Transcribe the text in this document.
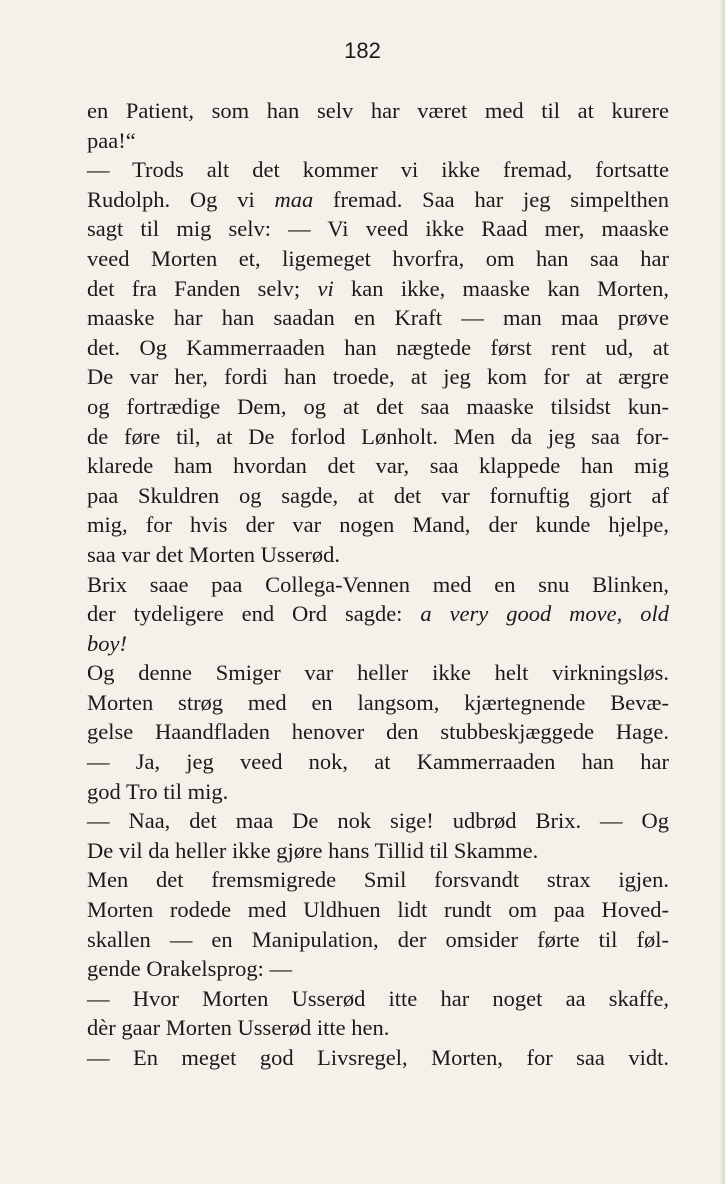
182
en Patient, som han selv har været med til at kurere
paa!“
— Trods alt det kommer vi ikke fremad, fortsatte
Rudolph. Og vi maa fremad. Saa har jeg simpelthen
sagt til mig selv: — Vi veed ikke Raad mer, maaske
veed Morten et, ligemeget hvorfra, om han saa har
det fra Fanden selv; vi kan ikke, maaske kan Morten,
maaske har han saadan en Kraft — man maa prøve
det. Og Kammerraaden han nægtede først rent ud, at
De var her, fordi han troede, at jeg kom for at ærgre
og fortrædige Dem, og at det saa maaske tilsidst kun-
de føre til, at De forlod Lønholt. Men da jeg saa for-
klarede ham hvordan det var, saa klappede han mig
paa Skuldren og sagde, at det var fornuftig gjort af
mig, for hvis der var nogen Mand, der kunde hjelpe,
saa var det Morten Usserød.
Brix saae paa Collega-Vennen med en snu Blinken,
der tydeligere end Ord sagde: a very good move, old
boy!
Og denne Smiger var heller ikke helt virkningsløs.
Morten strøg med en langsom, kjærtegnende Bevæ-
gelse Haandfladen henover den stubbeskjæggede Hage.
— Ja, jeg veed nok, at Kammerraaden han har
god Tro til mig.
— Naa, det maa De nok sige! udbrød Brix. — Og
De vil da heller ikke gjøre hans Tillid til Skamme.
Men det fremsmigrede Smil forsvandt strax igjen.
Morten rodede med Uldhuen lidt rundt om paa Hoved-
skallen — en Manipulation, der omsider førte til føl-
gende Orakelsprog: —
— Hvor Morten Usserød itte har noget aa skaffe,
dèr gaar Morten Usserød itte hen.
— En meget god Livsregel, Morten, for saa vidt.
